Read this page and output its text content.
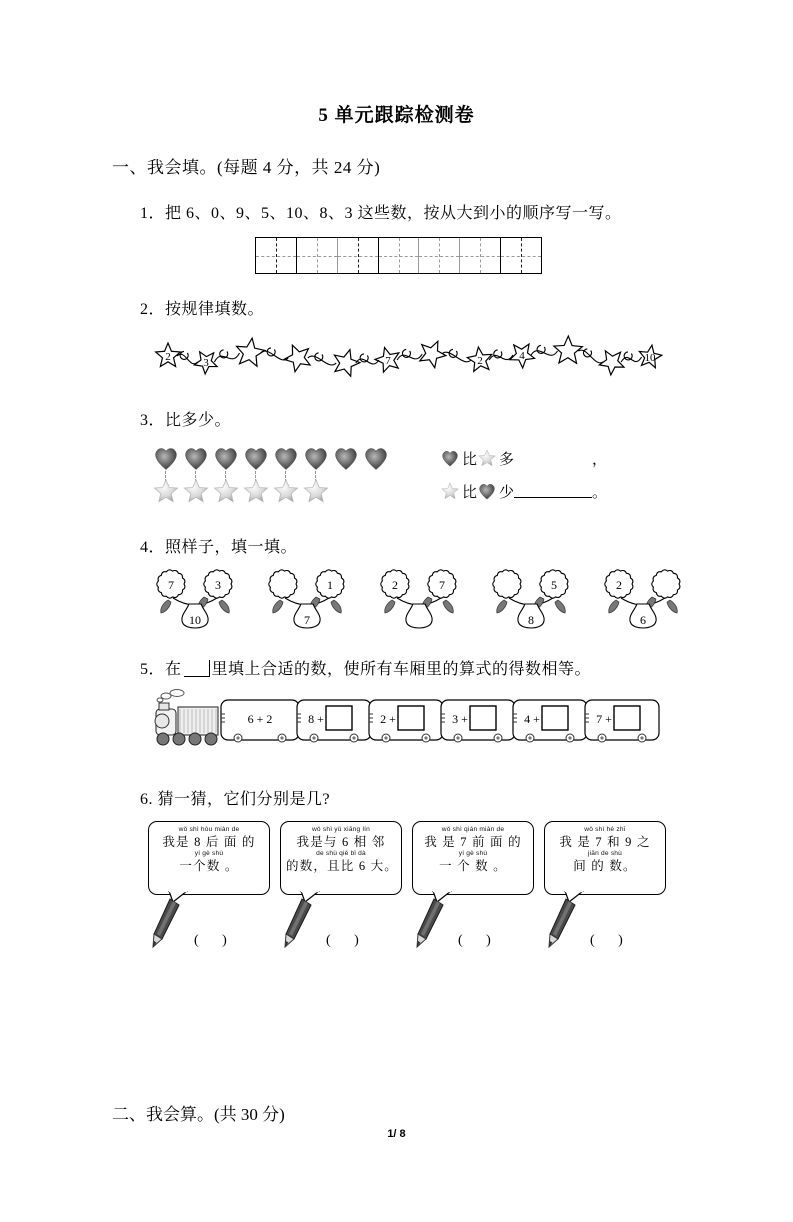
5 单元跟踪检测卷
一、我会填。(每题 4 分，共 24 分)
1．把 6、0、9、5、10、8、3 这些数，按从大到小的顺序写一写。
2．按规律填数。
2	3	7	2	4	10
3．比多少。
比 多	，
比 少	。
4．照样子，填一填。
7	3
10
1
7
2	7	5
8
2
6
5．在 里填上合适的数，使所有车厢里的算式的得数相等。
6 + 2	8 +	2 +	3 +	4 +	7 +
6. 猜一猜，它们分别是几?
wǒ shì hòu miàn de
我是 8 后 面 的
yí gè shù
一个数 。
( )
wǒ shì yǔ xiāng lín
我是与 6 相 邻
de shù qiě bǐ dà
的数，且比 6 大。
( )
wǒ shì qián miàn de
我 是 7 前 面 的
yí gè shù
一 个 数 。
( )
wǒ shì hé zhī
我 是 7 和 9 之
jiān de shù
间 的 数。
( )
二、我会算。(共 30 分)
1/ 8
